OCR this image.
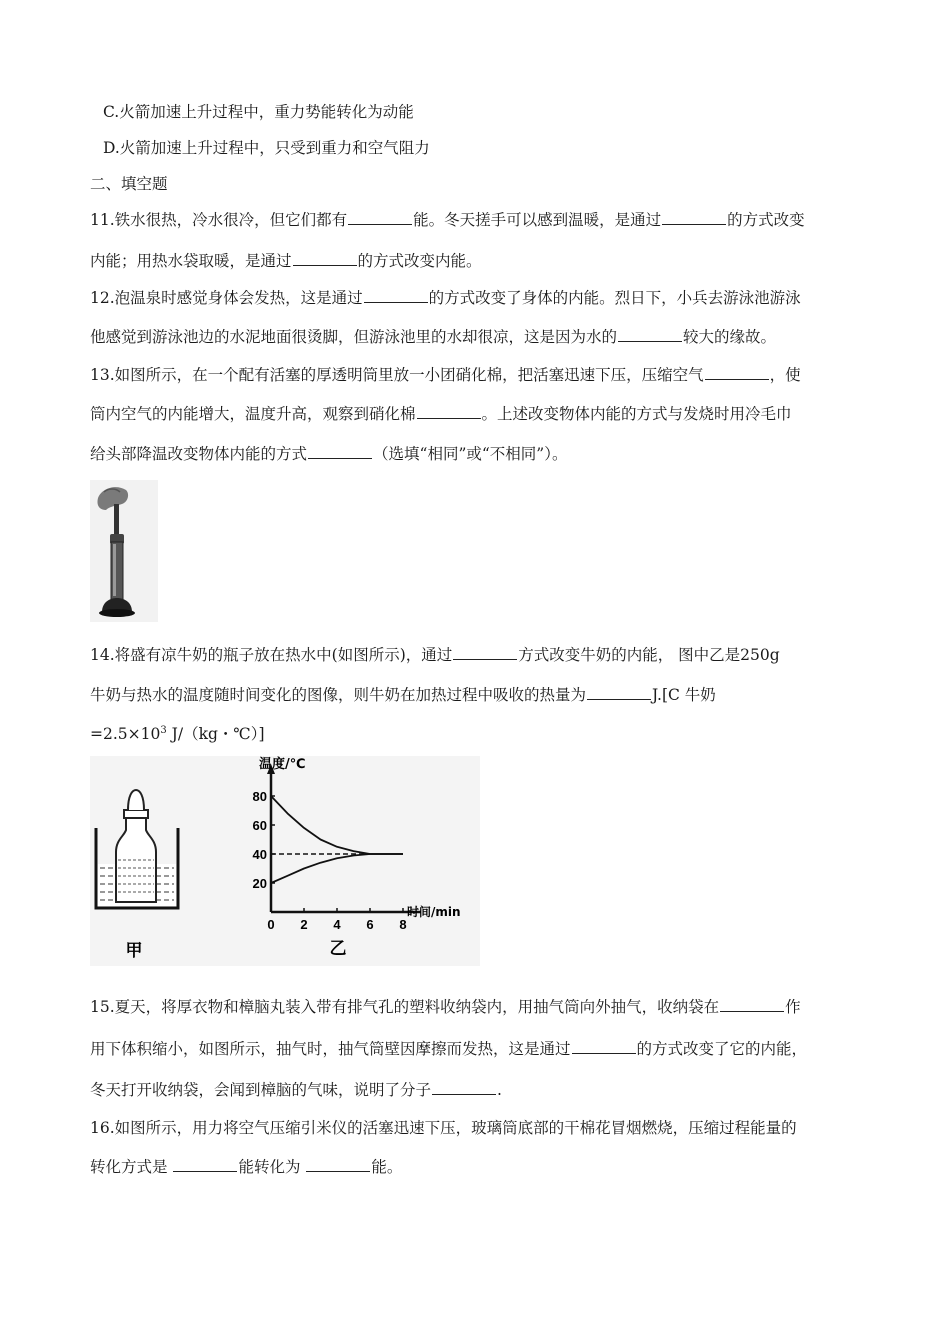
C.火箭加速上升过程中，重力势能转化为动能
D.火箭加速上升过程中，只受到重力和空气阻力
二、填空题
11.铁水很热，冷水很冷，但它们都有	能。冬天搓手可以感到温暖，是通过	的方式改变
内能；用热水袋取暖，是通过	的方式改变内能。
12.泡温泉时感觉身体会发热，这是通过	的方式改变了身体的内能。烈日下，小兵去游泳池游泳
他感觉到游泳池边的水泥地面很烫脚，但游泳池里的水却很凉，这是因为水的	较大的缘故。
13.如图所示，在一个配有活塞的厚透明筒里放一小团硝化棉，把活塞迅速下压，压缩空气	，使
筒内空气的内能增大，温度升高，观察到硝化棉	。上述改变物体内能的方式与发烧时用冷毛巾
给头部降温改变物体内能的方式	（选填“相同”或“不相同”）。
14.将盛有凉牛奶的瓶子放在热水中(如图所示)，通过	方式改变牛奶的内能， 图中乙是250g
牛奶与热水的温度随时间变化的图像，则牛奶在加热过程中吸收的热量为	J.[C 牛奶
$=2.5\times 10^3$ J/（kg・℃）]
甲
温度/℃
时间/min
0 2 4 6 8
20
40
60
80
乙
15.夏天，将厚衣物和樟脑丸装入带有排气孔的塑料收纳袋内，用抽气筒向外抽气，收纳袋在	作
用下体积缩小，如图所示，抽气时，抽气筒壁因摩擦而发热，这是通过	的方式改变了它的内能，
冬天打开收纳袋，会闻到樟脑的气味，说明了分子	.
16.如图所示，用力将空气压缩引米仪的活塞迅速下压，玻璃筒底部的干棉花冒烟燃烧，压缩过程能量的
转化方式是	能转化为	能。
